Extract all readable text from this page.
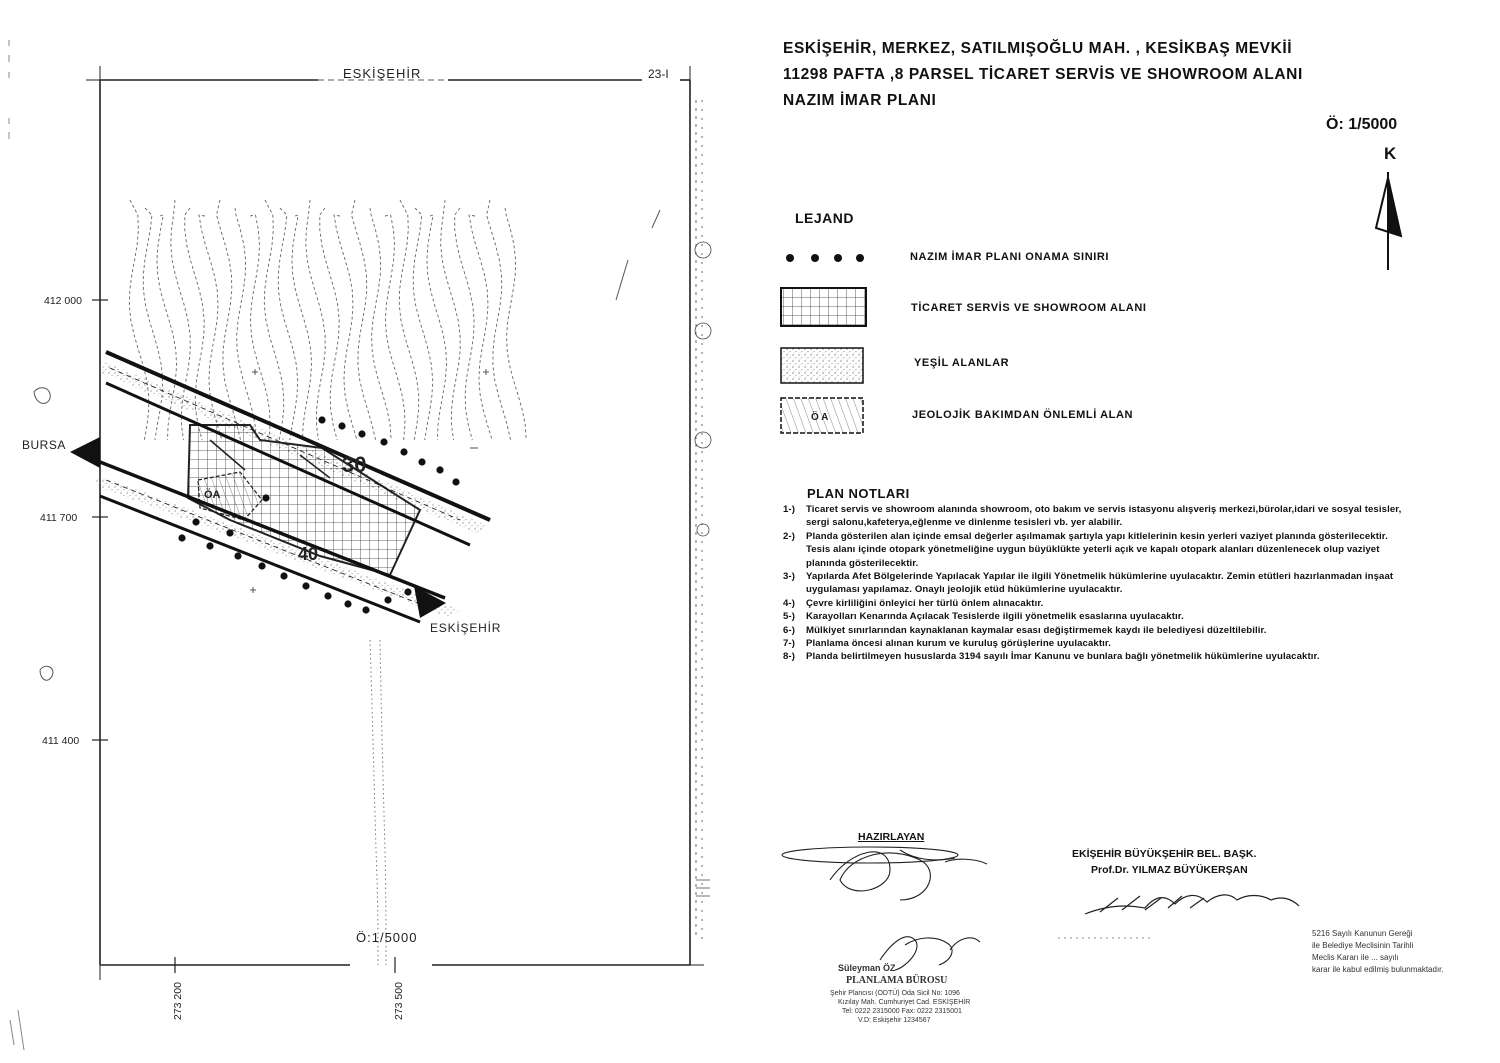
ESKİŞEHİR	23-I
BURSA
ESKİŞEHİR
412 000
411 700
411 400
273 200	273 500
Ö:1/5000
30
40
ÖA
Ö A
ESKİŞEHİR, MERKEZ, SATILMIŞOĞLU MAH. , KESİKBAŞ MEVKİİ
11298 PAFTA ,8 PARSEL TİCARET SERVİS VE SHOWROOM ALANI
NAZIM İMAR PLANI
Ö: 1/5000
K
LEJAND
NAZIM İMAR PLANI ONAMA SINIRI
TİCARET SERVİS VE SHOWROOM ALANI
YEŞİL ALANLAR
JEOLOJİK BAKIMDAN ÖNLEMLİ ALAN
PLAN NOTLARI

1-) Ticaret servis ve showroom alanında showroom, oto bakım ve servis istasyonu alışveriş merkezi,bürolar,idari ve sosyal tesisler, sergi salonu,kafeterya,eğlenme ve dinlenme tesisleri vb. yer alabilir.

2-) Planda gösterilen alan içinde emsal değerler aşılmamak şartıyla yapı kitlelerinin kesin yerleri vaziyet planında gösterilecektir. Tesis alanı içinde otopark yönetmeliğine uygun büyüklükte yeterli açık ve kapalı otopark alanları düzenlenecek olup vaziyet planında gösterilecektir.

3-) Yapılarda Afet Bölgelerinde Yapılacak Yapılar ile ilgili Yönetmelik hükümlerine uyulacaktır. Zemin etütleri hazırlanmadan inşaat uygulaması yapılamaz. Onaylı jeolojik etüd hükümlerine uyulacaktır.

4-) Çevre kirliliğini önleyici her türlü önlem alınacaktır.

5-) Karayolları Kenarında Açılacak Tesislerde ilgili yönetmelik esaslarına uyulacaktır.

6-) Mülkiyet sınırlarından kaynaklanan kaymalar esası değiştirmemek kaydı ile belediyesi düzeltilebilir.

7-) Planlama öncesi alınan kurum ve kuruluş görüşlerine uyulacaktır.

8-) Planda belirtilmeyen hususlarda 3194 sayılı İmar Kanunu ve bunlara bağlı yönetmelik hükümlerine uyulacaktır.

HAZIRLAYAN
Süleyman ÖZ
PLANLAMA BÜROSU
Şehir Plancısı (ODTÜ) Oda Sicil No: 1096
Kızılay Mah. Cumhuriyet Cad. ESKİŞEHİR
Tel: 0222 2315000 Fax: 0222 2315001
V.D: Eskişehir 1234567
EKİŞEHİR BÜYÜKŞEHİR BEL. BAŞK.
Prof.Dr. YILMAZ BÜYÜKERŞAN
5216 Sayılı Kanunun Gereği
ile Belediye Meclisinin Tarihli
Meclis Kararı ile ... sayılı
karar ile kabul edilmiş bulunmaktadır.
